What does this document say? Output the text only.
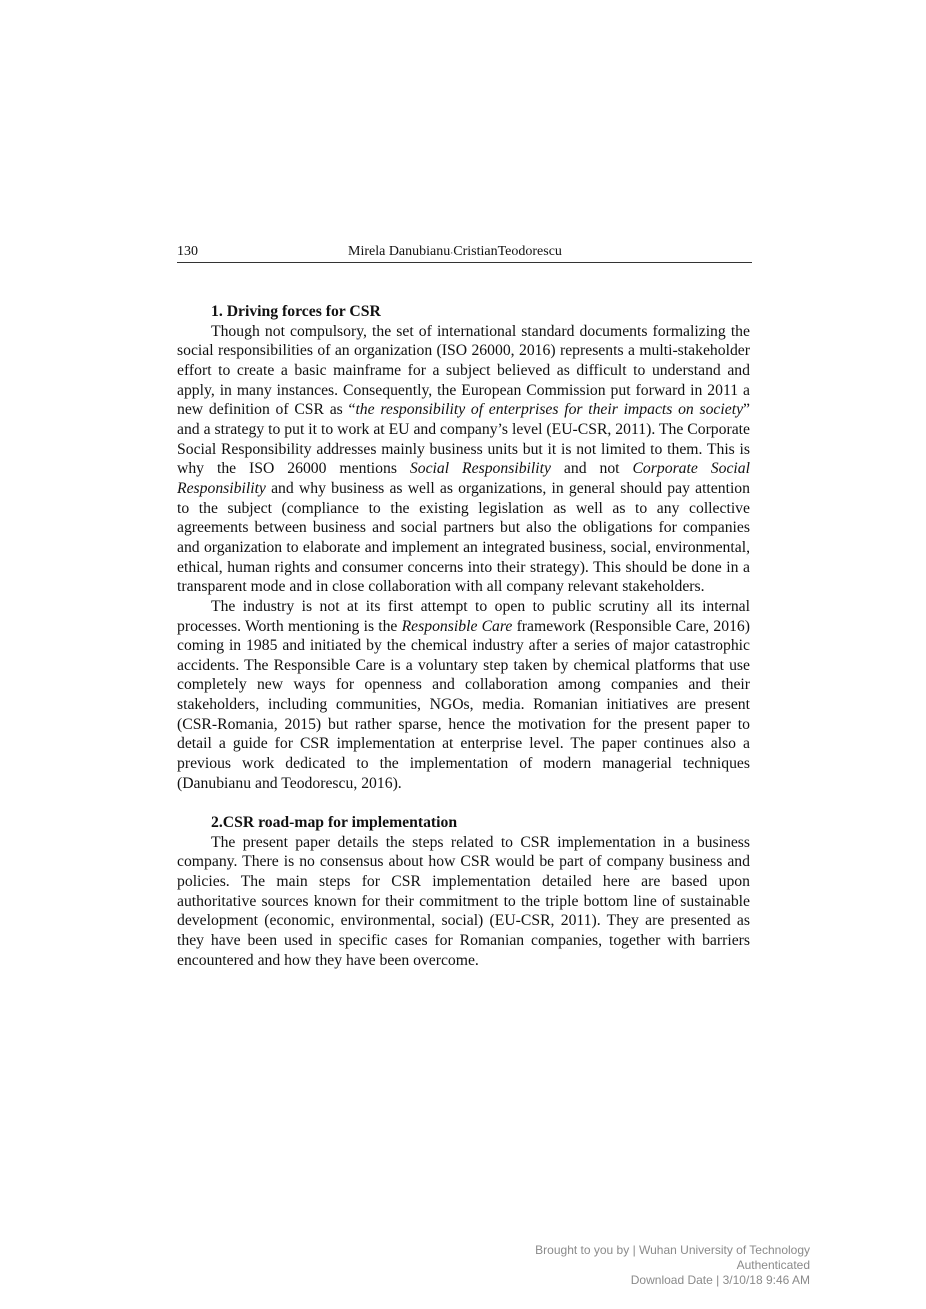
130	Mirela Danubianu·CristianTeodorescu

1. Driving forces for CSR

Though not compulsory, the set of international standard documents formalizing the social responsibilities of an organization (ISO 26000, 2016) represents a multi-stakeholder effort to create a basic mainframe for a subject believed as difficult to understand and apply, in many instances. Consequently, the European Commission put forward in 2011 a new definition of CSR as “the responsibility of enterprises for their impacts on society” and a strategy to put it to work at EU and company’s level (EU-CSR, 2011). The Corporate Social Responsibility addresses mainly business units but it is not limited to them. This is why the ISO 26000 mentions Social Responsibility and not Corporate Social Responsibility and why business as well as organizations, in general should pay attention to the subject (compliance to the existing legislation as well as to any collective agreements between business and social partners but also the obligations for companies and organization to elaborate and implement an integrated business, social, environmental, ethical, human rights and consumer concerns into their strategy). This should be done in a transparent mode and in close collaboration with all company relevant stakeholders.

The industry is not at its first attempt to open to public scrutiny all its internal processes. Worth mentioning is the Responsible Care framework (Responsible Care, 2016) coming in 1985 and initiated by the chemical industry after a series of major catastrophic accidents. The Responsible Care is a voluntary step taken by chemical platforms that use completely new ways for openness and collaboration among companies and their stakeholders, including communities, NGOs, media. Romanian initiatives are present (CSR-Romania, 2015) but rather sparse, hence the motivation for the present paper to detail a guide for CSR implementation at enterprise level. The paper continues also a previous work dedicated to the implementation of modern managerial techniques (Danubianu and Teodorescu, 2016).

2.CSR road-map for implementation

The present paper details the steps related to CSR implementation in a business company. There is no consensus about how CSR would be part of company business and policies. The main steps for CSR implementation detailed here are based upon authoritative sources known for their commitment to the triple bottom line of sustainable development (economic, environmental, social) (EU-CSR, 2011). They are presented as they have been used in specific cases for Romanian companies, together with barriers encountered and how they have been overcome.

Brought to you by | Wuhan University of Technology
Authenticated
Download Date | 3/10/18 9:46 AM
